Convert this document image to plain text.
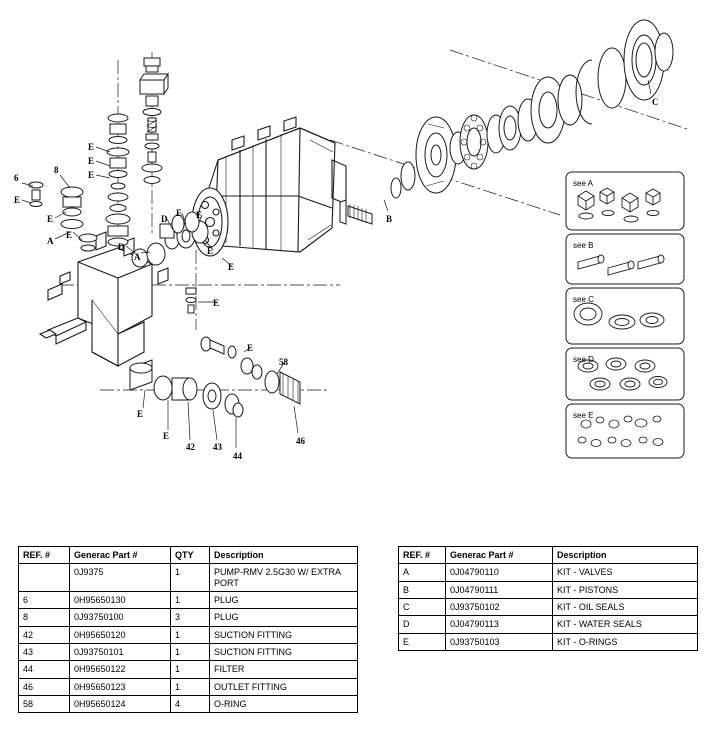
6
E
8
E
A
E
E
E
E
D
A
D
E E
E
E
E
B
C
E
58
E
E
42 43
44
46
see A
see B
see C
see D
see E
REF. #	Generac Part #	QTY	Description
	0J9375	1	PUMP-RMV 2.5G30 W/ EXTRA PORT
6	0H95650130	1	PLUG
8	0J93750100	3	PLUG
42	0H95650120	1	SUCTION FITTING
43	0J93750101	1	SUCTION FITTING
44	0H95650122	1	FILTER
46	0H95650123	1	OUTLET FITTING
58	0H95650124	4	O-RING
REF. #	Generac Part #	Description
A	0J04790110	KIT - VALVES
B	0J04790111	KIT - PISTONS
C	0J93750102	KIT - OIL SEALS
D	0J04790113	KIT - WATER SEALS
E	0J93750103	KIT - O-RINGS
